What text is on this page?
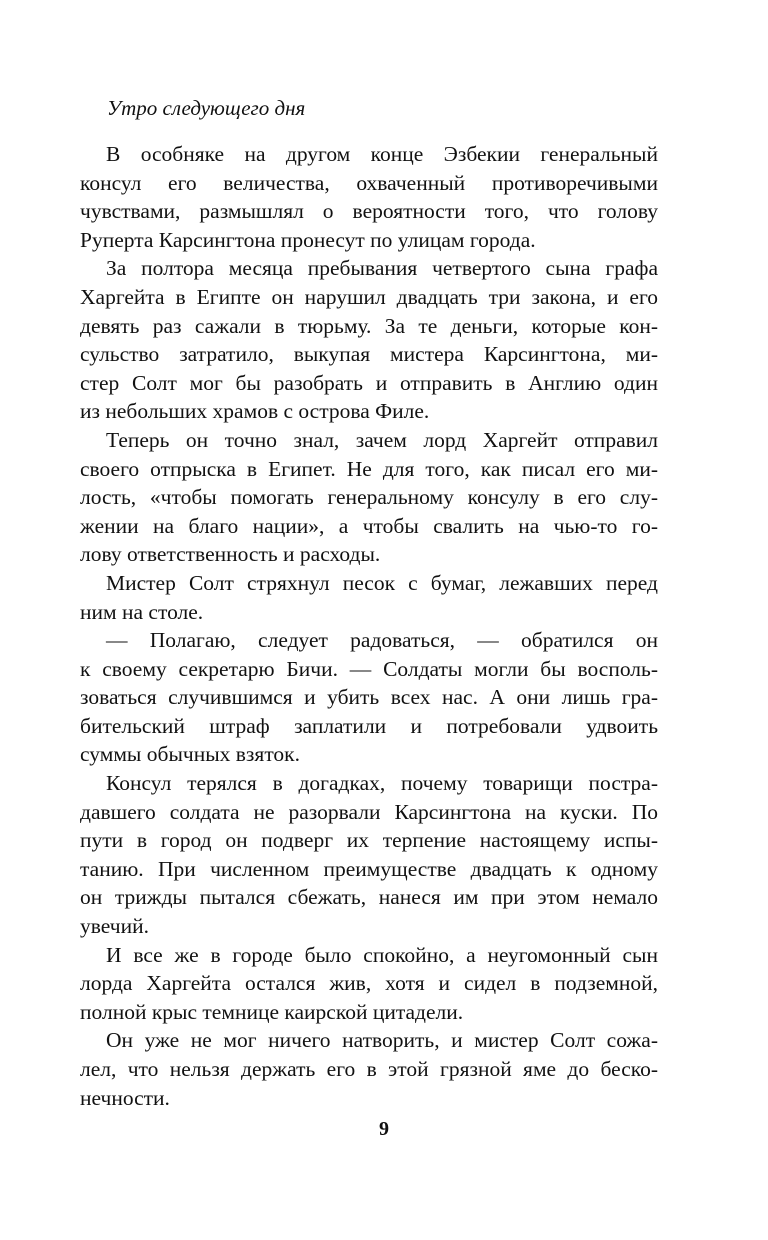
Утро следующего дня
В особняке на другом конце Эзбекии генеральный
консул его величества, охваченный противоречивыми
чувствами, размышлял о вероятности того, что голову
Руперта Карсингтона пронесут по улицам города.
За полтора месяца пребывания четвертого сына графа
Харгейта в Египте он нарушил двадцать три закона, и его
девять раз сажали в тюрьму. За те деньги, которые кон-
сульство затратило, выкупая мистера Карсингтона, ми-
стер Солт мог бы разобрать и отправить в Англию один
из небольших храмов с острова Филе.
Теперь он точно знал, зачем лорд Харгейт отправил
своего отпрыска в Египет. Не для того, как писал его ми-
лость, «чтобы помогать генеральному консулу в его слу-
жении на благо нации», а чтобы свалить на чью-то го-
лову ответственность и расходы.
Мистер Солт стряхнул песок с бумаг, лежавших перед
ним на столе.
— Полагаю, следует радоваться, — обратился он
к своему секретарю Бичи. — Солдаты могли бы восполь-
зоваться случившимся и убить всех нас. А они лишь гра-
бительский штраф заплатили и потребовали удвоить
суммы обычных взяток.
Консул терялся в догадках, почему товарищи постра-
давшего солдата не разорвали Карсингтона на куски. По
пути в город он подверг их терпение настоящему испы-
танию. При численном преимуществе двадцать к одному
он трижды пытался сбежать, нанеся им при этом немало
увечий.
И все же в городе было спокойно, а неугомонный сын
лорда Харгейта остался жив, хотя и сидел в подземной,
полной крыс темнице каирской цитадели.
Он уже не мог ничего натворить, и мистер Солт сожа-
лел, что нельзя держать его в этой грязной яме до беско-
нечности.
9
